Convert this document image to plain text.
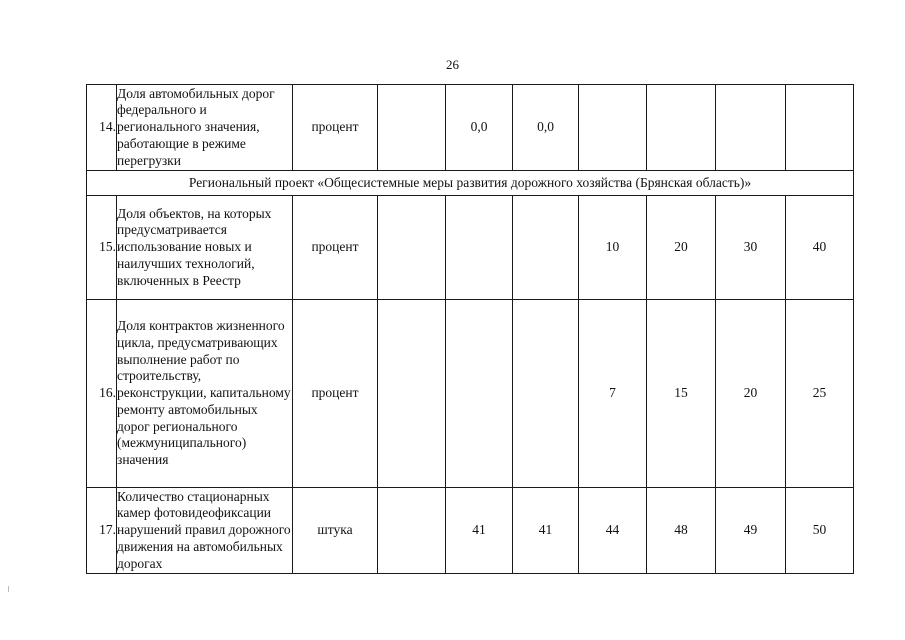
26
14.	Доля автомобильных дорог федерального и регионального значения, работающие в режиме перегрузки	процент		0,0	0,0				
Региональный проект «Общесистемные меры развития дорожного хозяйства (Брянская область)»									
15.	Доля объектов, на которых предусматривается использование новых и наилучших технологий, включенных в Реестр	процент				10	20	30	40
16.	Доля контрактов жизненного цикла, предусматривающих выполнение работ по строительству, реконструкции, капитальному ремонту автомобильных дорог регионального (межмуниципального) значения	процент				7	15	20	25
17.	Количество стационарных камер фотовидеофиксации нарушений правил дорожного движения на автомобильных дорогах	штука		41	41	44	48	49	50
